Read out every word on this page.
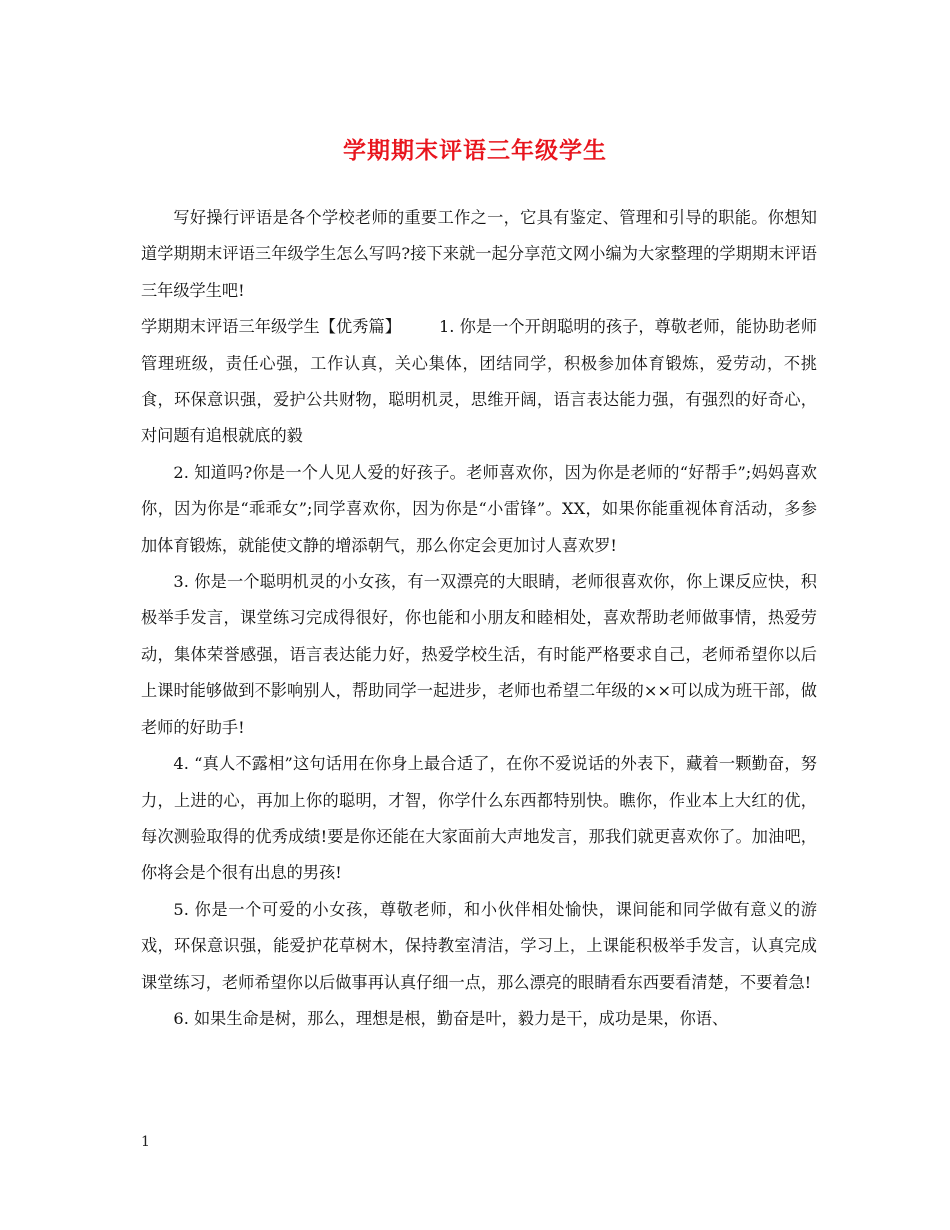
学期期末评语三年级学生

写好操行评语是各个学校老师的重要工作之一，它具有鉴定、管理和引导的职能。你想知道学期期末评语三年级学生怎么写吗?接下来就一起分享范文网小编为大家整理的学期期末评语三年级学生吧!

学期期末评语三年级学生【优秀篇】 1. 你是一个开朗聪明的孩子，尊敬老师，能协助老师管理班级，责任心强，工作认真，关心集体，团结同学，积极参加体育锻炼，爱劳动，不挑食，环保意识强，爱护公共财物，聪明机灵，思维开阔，语言表达能力强，有强烈的好奇心，对问题有追根就底的毅

2. 知道吗?你是一个人见人爱的好孩子。老师喜欢你，因为你是老师的“好帮手”;妈妈喜欢你，因为你是“乖乖女”;同学喜欢你，因为你是“小雷锋”。XX，如果你能重视体育活动，多参加体育锻炼，就能使文静的增添朝气，那么你定会更加讨人喜欢罗!

3. 你是一个聪明机灵的小女孩，有一双漂亮的大眼睛，老师很喜欢你，你上课反应快，积极举手发言，课堂练习完成得很好，你也能和小朋友和睦相处，喜欢帮助老师做事情，热爱劳动，集体荣誉感强，语言表达能力好，热爱学校生活，有时能严格要求自己，老师希望你以后上课时能够做到不影响别人，帮助同学一起进步，老师也希望二年级的××可以成为班干部，做老师的好助手!

4. “真人不露相”这句话用在你身上最合适了，在你不爱说话的外表下，藏着一颗勤奋，努力，上进的心，再加上你的聪明，才智，你学什么东西都特别快。瞧你，作业本上大红的优，每次测验取得的优秀成绩!要是你还能在大家面前大声地发言，那我们就更喜欢你了。加油吧，你将会是个很有出息的男孩!

5. 你是一个可爱的小女孩，尊敬老师，和小伙伴相处愉快，课间能和同学做有意义的游戏，环保意识强，能爱护花草树木，保持教室清洁，学习上，上课能积极举手发言，认真完成课堂练习，老师希望你以后做事再认真仔细一点，那么漂亮的眼睛看东西要看清楚，不要着急!

6. 如果生命是树，那么，理想是根，勤奋是叶，毅力是干，成功是果，你语、

1
